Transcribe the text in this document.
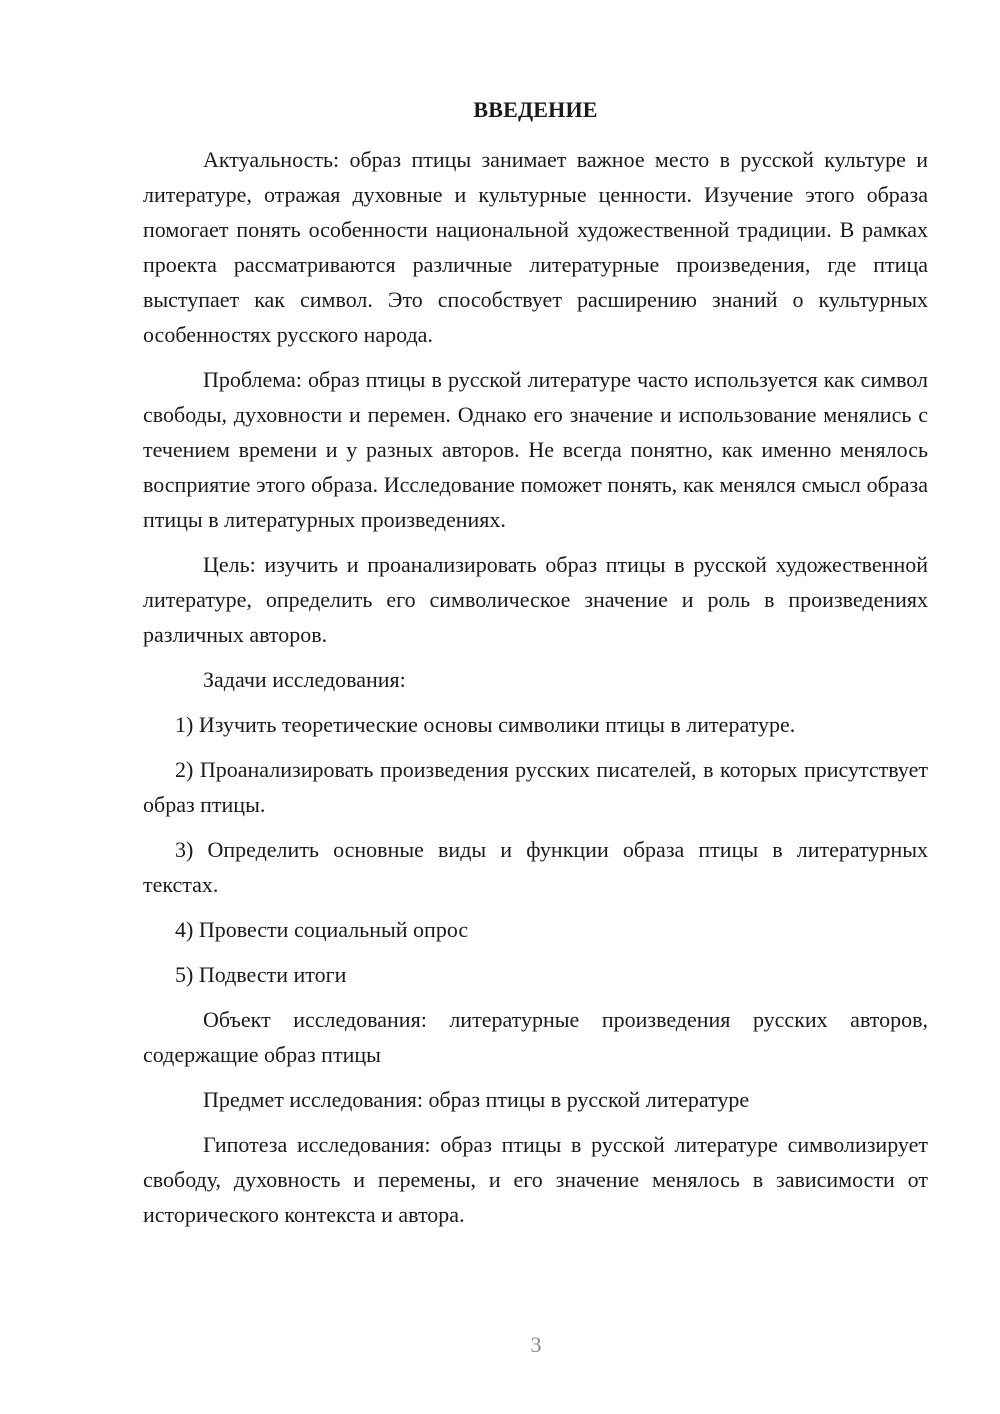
ВВЕДЕНИЕ

Актуальность: образ птицы занимает важное место в русской культуре и литературе, отражая духовные и культурные ценности. Изучение этого образа помогает понять особенности национальной художественной традиции. В рамках проекта рассматриваются различные литературные произведения, где птица выступает как символ. Это способствует расширению знаний о культурных особенностях русского народа.

Проблема: образ птицы в русской литературе часто используется как символ свободы, духовности и перемен. Однако его значение и использование менялись с течением времени и у разных авторов. Не всегда понятно, как именно менялось восприятие этого образа. Исследование поможет понять, как менялся смысл образа птицы в литературных произведениях.

Цель: изучить и проанализировать образ птицы в русской художественной литературе, определить его символическое значение и роль в произведениях различных авторов.

Задачи исследования:

1) Изучить теоретические основы символики птицы в литературе.

2) Проанализировать произведения русских писателей, в которых присутствует образ птицы.

3) Определить основные виды и функции образа птицы в литературных текстах.

4) Провести социальный опрос

5) Подвести итоги

Объект исследования: литературные произведения русских авторов, содержащие образ птицы

Предмет исследования: образ птицы в русской литературе

Гипотеза исследования: образ птицы в русской литературе символизирует свободу, духовность и перемены, и его значение менялось в зависимости от исторического контекста и автора.

3
